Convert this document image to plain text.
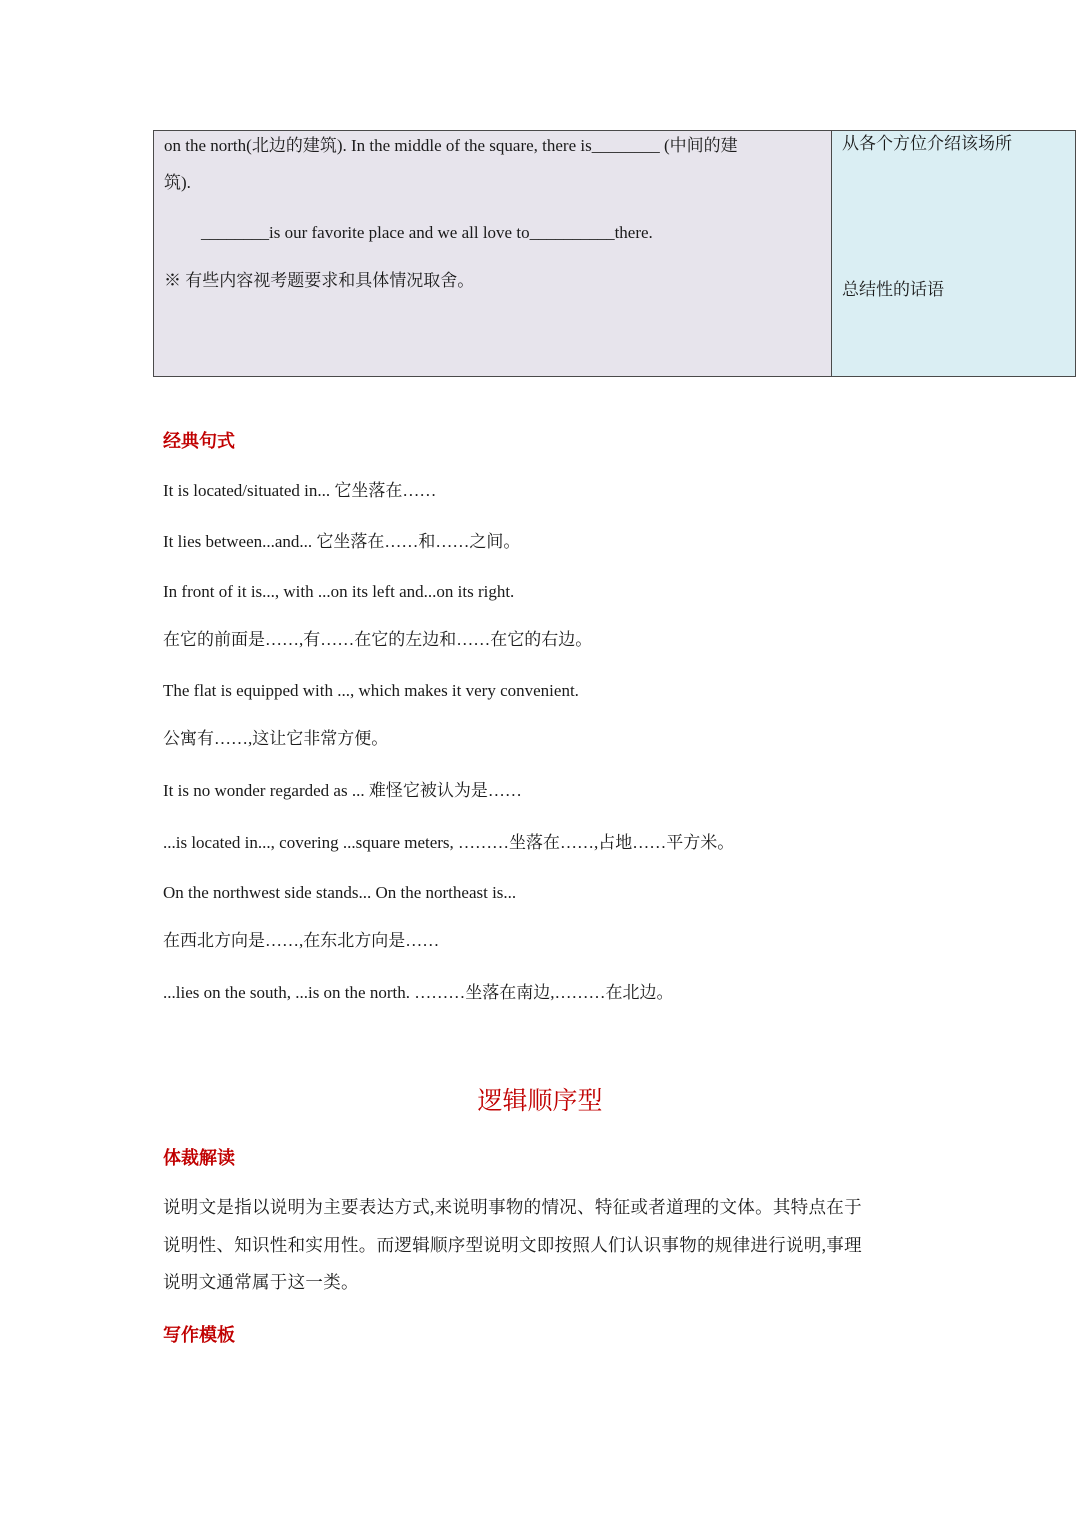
on the north(北边的建筑). In the middle of the square, there is________ (中间的建
筑).
________is our favorite place and we all love to__________there.
※ 有些内容视考题要求和具体情况取舍。
从各个方位介绍该场所
总结性的话语
经典句式
It is located/situated in... 它坐落在……
It lies between...and... 它坐落在……和……之间。
In front of it is..., with ...on its left and...on its right.
在它的前面是……,有……在它的左边和……在它的右边。
The flat is equipped with ..., which makes it very convenient.
公寓有……,这让它非常方便。
It is no wonder regarded as ... 难怪它被认为是……
...is located in..., covering ...square meters, ………坐落在……,占地……平方米。
On the northwest side stands... On the northeast is...
在西北方向是……,在东北方向是……
...lies on the south, ...is on the north. ………坐落在南边,………在北边。
逻辑顺序型
体裁解读
说明文是指以说明为主要表达方式,来说明事物的情况、特征或者道理的文体。其特点在于
说明性、知识性和实用性。而逻辑顺序型说明文即按照人们认识事物的规律进行说明,事理
说明文通常属于这一类。
写作模板
